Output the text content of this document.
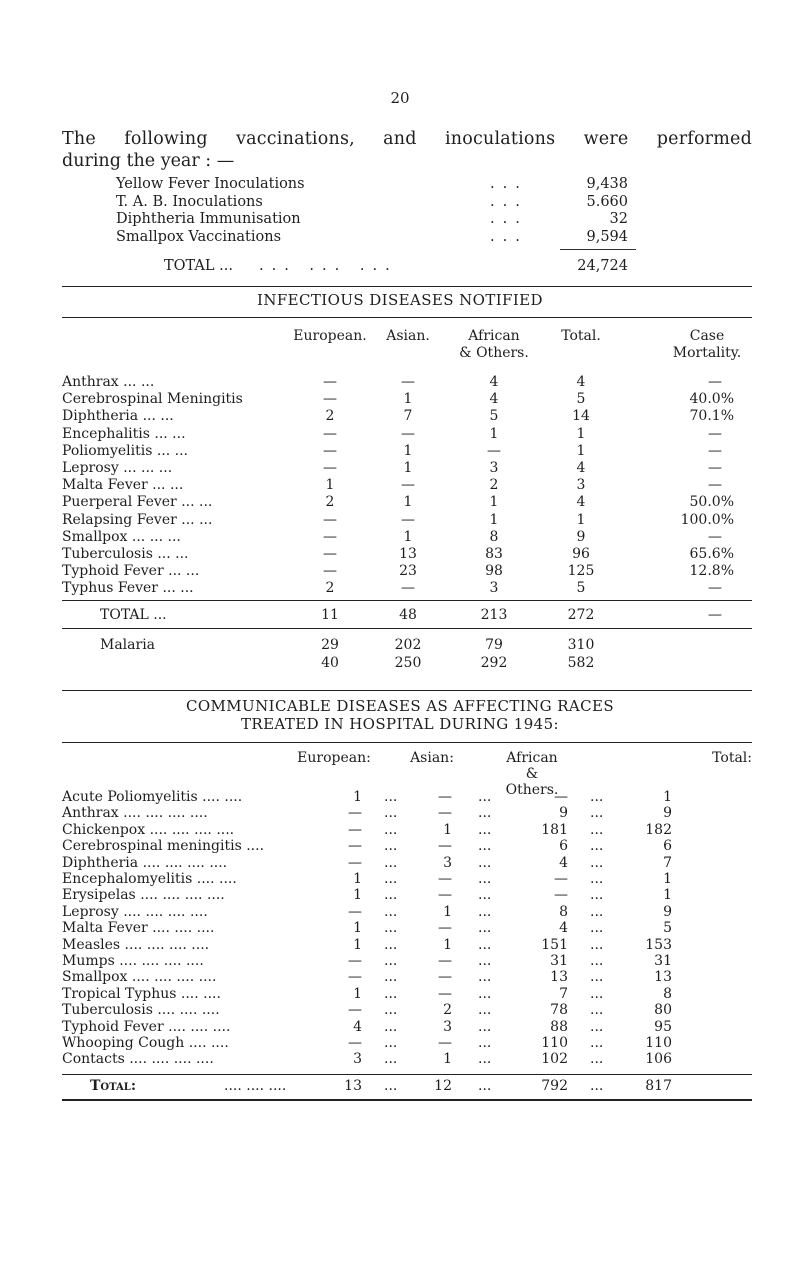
20
The following vaccinations, and inoculations were performed
during the year : —
Yellow Fever Inoculations	...	9,438
T. A. B. Inoculations	...	5.660
Diphtheria Immunisation	...	32
Smallpox Vaccinations	...	9,594
TOTAL ... ... ... ...	24,724
INFECTIOUS DISEASES NOTIFIED
European.	Asian.	African
& Others.
Total.	Case
Mortality.
Anthrax ... ...	—	—	4	4	—
Cerebrospinal Meningitis	—	1	4	5	40.0%
Diphtheria ... ...	2	7	5	14	70.1%
Encephalitis ... ...	—	—	1	1	—
Poliomyelitis ... ...	—	1	—	1	—
Leprosy ... ... ...	—	1	3	4	—
Malta Fever ... ...	1	—	2	3	—
Puerperal Fever ... ...	2	1	1	4	50.0%
Relapsing Fever ... ...	—	—	1	1	100.0%
Smallpox ... ... ...	—	1	8	9	—
Tuberculosis ... ...	—	13	83	96	65.6%
Typhoid Fever ... ...	—	23	98	125	12.8%
Typhus Fever ... ...	2	—	3	5	—
TOTAL ...	11	48	213	272	—
Malaria	29	202	79	310
40	250	292	582
COMMUNICABLE DISEASES AS AFFECTING RACES
TREATED IN HOSPITAL DURING 1945:
European:	Asian:	African
&
Others.
Total:
Acute Poliomyelitis .... ....	1 ...	— ...	— ...	1
Anthrax .... .... .... ....	— ...	— ...	9 ...	9
Chickenpox .... .... .... ....	— ...	1 ...	181 ...	182
Cerebrospinal meningitis ....	— ...	— ...	6 ...	6
Diphtheria .... .... .... ....	— ...	3 ...	4 ...	7
Encephalomyelitis .... ....	1 ...	— ...	— ...	1
Erysipelas .... .... .... ....	1 ...	— ...	— ...	1
Leprosy .... .... .... ....	— ...	1 ...	8 ...	9
Malta Fever .... .... ....	1 ...	— ...	4 ...	5
Measles .... .... .... ....	1 ...	1 ...	151 ...	153
Mumps .... .... .... ....	— ...	— ...	31 ...	31
Smallpox .... .... .... ....	— ...	— ...	13 ...	13
Tropical Typhus .... ....	1 ...	— ...	7 ...	8
Tuberculosis .... .... ....	— ...	2 ...	78 ...	80
Typhoid Fever .... .... ....	4 ...	3 ...	88 ...	95
Whooping Cough .... ....	— ...	— ...	110 ...	110
Contacts .... .... .... ....	3 ...	1 ...	102 ...	106
Total:	.... .... ....	13 ...	12 ...	792 ...	817
